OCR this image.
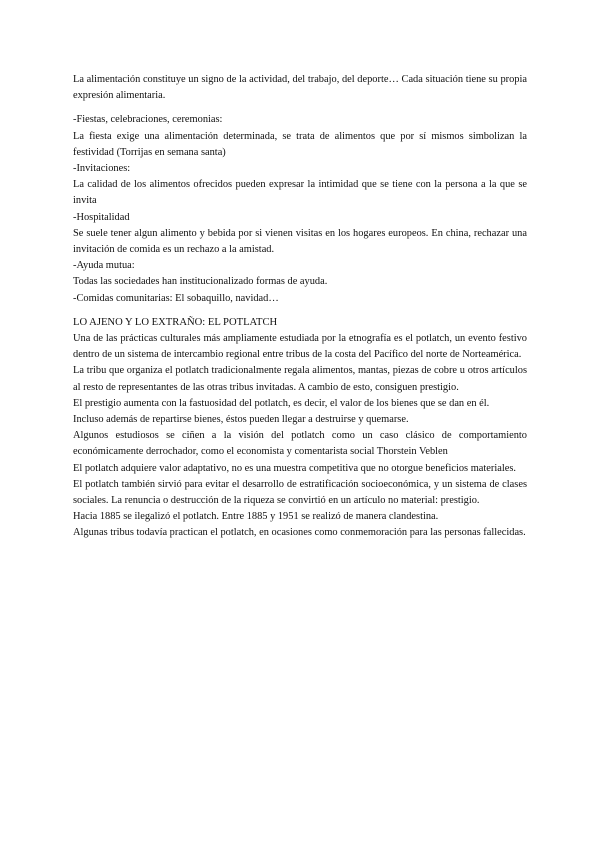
La alimentación constituye un signo de la actividad, del trabajo, del deporte… Cada situación tiene su propia expresión alimentaria.

-Fiestas, celebraciones, ceremonias:

La fiesta exige una alimentación determinada, se trata de alimentos que por sí mismos simbolizan la festividad (Torrijas en semana santa)

-Invitaciones:

La calidad de los alimentos ofrecidos pueden expresar la intimidad que se tiene con la persona a la que se invita

-Hospitalidad

Se suele tener algun alimento y bebida por si vienen visitas en los hogares europeos. En china, rechazar una invitación de comida es un rechazo a la amistad.

-Ayuda mutua:

Todas las sociedades han institucionalizado formas de ayuda.

-Comidas comunitarias: El sobaquillo, navidad…

LO AJENO Y LO EXTRAÑO: EL POTLATCH

Una de las prácticas culturales más ampliamente estudiada por la etnografía es el potlatch, un evento festivo dentro de un sistema de intercambio regional entre tribus de la costa del Pacífico del norte de Norteamérica.

La tribu que organiza el potlatch tradicionalmente regala alimentos, mantas, piezas de cobre u otros artículos al resto de representantes de las otras tribus invitadas. A cambio de esto, consiguen prestigio.

El prestigio aumenta con la fastuosidad del potlatch, es decir, el valor de los bienes que se dan en él.

Incluso además de repartirse bienes, éstos pueden llegar a destruirse y quemarse.

Algunos estudiosos se ciñen a la visión del potlatch como un caso clásico de comportamiento económicamente derrochador, como el economista y comentarista social Thorstein Veblen

El potlatch adquiere valor adaptativo, no es una muestra competitiva que no otorgue beneficios materiales.

El potlatch también sirvió para evitar el desarrollo de estratificación socioeconómica, y un sistema de clases sociales. La renuncia o destrucción de la riqueza se convirtió en un artículo no material: prestigio.

Hacia 1885 se ilegalizó el potlatch. Entre 1885 y 1951 se realizó de manera clandestina.

Algunas tribus todavía practican el potlatch, en ocasiones como conmemoración para las personas fallecidas.
